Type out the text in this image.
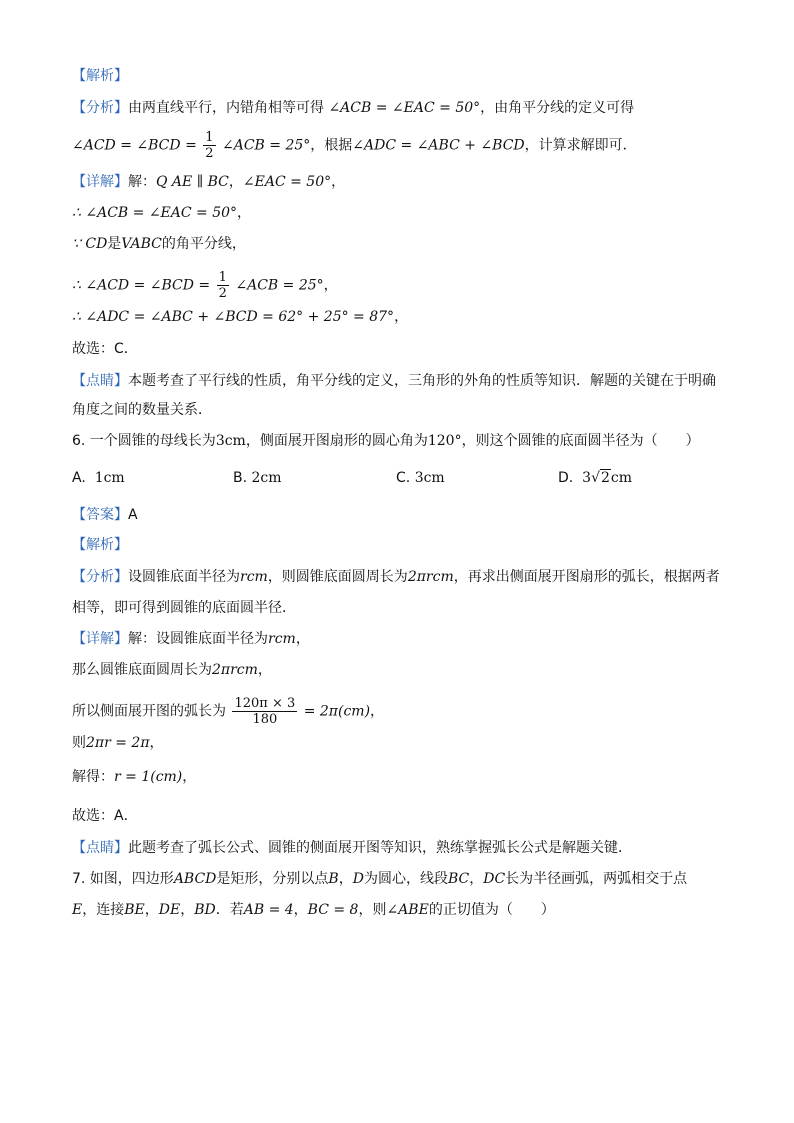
【解析】
【分析】由两直线平行，内错角相等可得 ∠ACB = ∠EAC = 50°，由角平分线的定义可得
∠ACD = ∠BCD = $\frac{1}{2}$ ∠ACB = 25°，根据∠ADC = ∠ABC + ∠BCD，计算求解即可．
【详解】解：Q AE ∥ BC，∠EAC = 50°，
∴ ∠ACB = ∠EAC = 50°，
∵ CD是VABC的角平分线，
∴ ∠ACD = ∠BCD = $\frac{1}{2}$ ∠ACB = 25°，
∴ ∠ADC = ∠ABC + ∠BCD = 62° + 25° = 87°，
故选：C．
【点睛】本题考查了平行线的性质，角平分线的定义，三角形的外角的性质等知识．解题的关键在于明确
角度之间的数量关系．
6. 一个圆锥的母线长为3cm，侧面展开图扇形的圆心角为120°，则这个圆锥的底面圆半径为（　　）
A. 1cm	B. 2cm	C. 3cm	D. 3√2cm
【答案】A
【解析】
【分析】设圆锥底面半径为rcm，则圆锥底面圆周长为2πrcm，再求出侧面展开图扇形的弧长，根据两者
相等，即可得到圆锥的底面圆半径．
【详解】解：设圆锥底面半径为rcm，
那么圆锥底面圆周长为2πrcm，
所以侧面展开图的弧长为 $\frac{120\pi \times 3}{180} = 2\pi(cm)$，
则2πr = 2π，
解得：r = 1(cm)，
故选：A．
【点睛】此题考查了弧长公式、圆锥的侧面展开图等知识，熟练掌握弧长公式是解题关键．
7. 如图，四边形ABCD是矩形，分别以点B，D为圆心，线段BC，DC长为半径画弧，两弧相交于点
E，连接BE，DE，BD．若AB = 4，BC = 8，则∠ABE的正切值为（　　）
